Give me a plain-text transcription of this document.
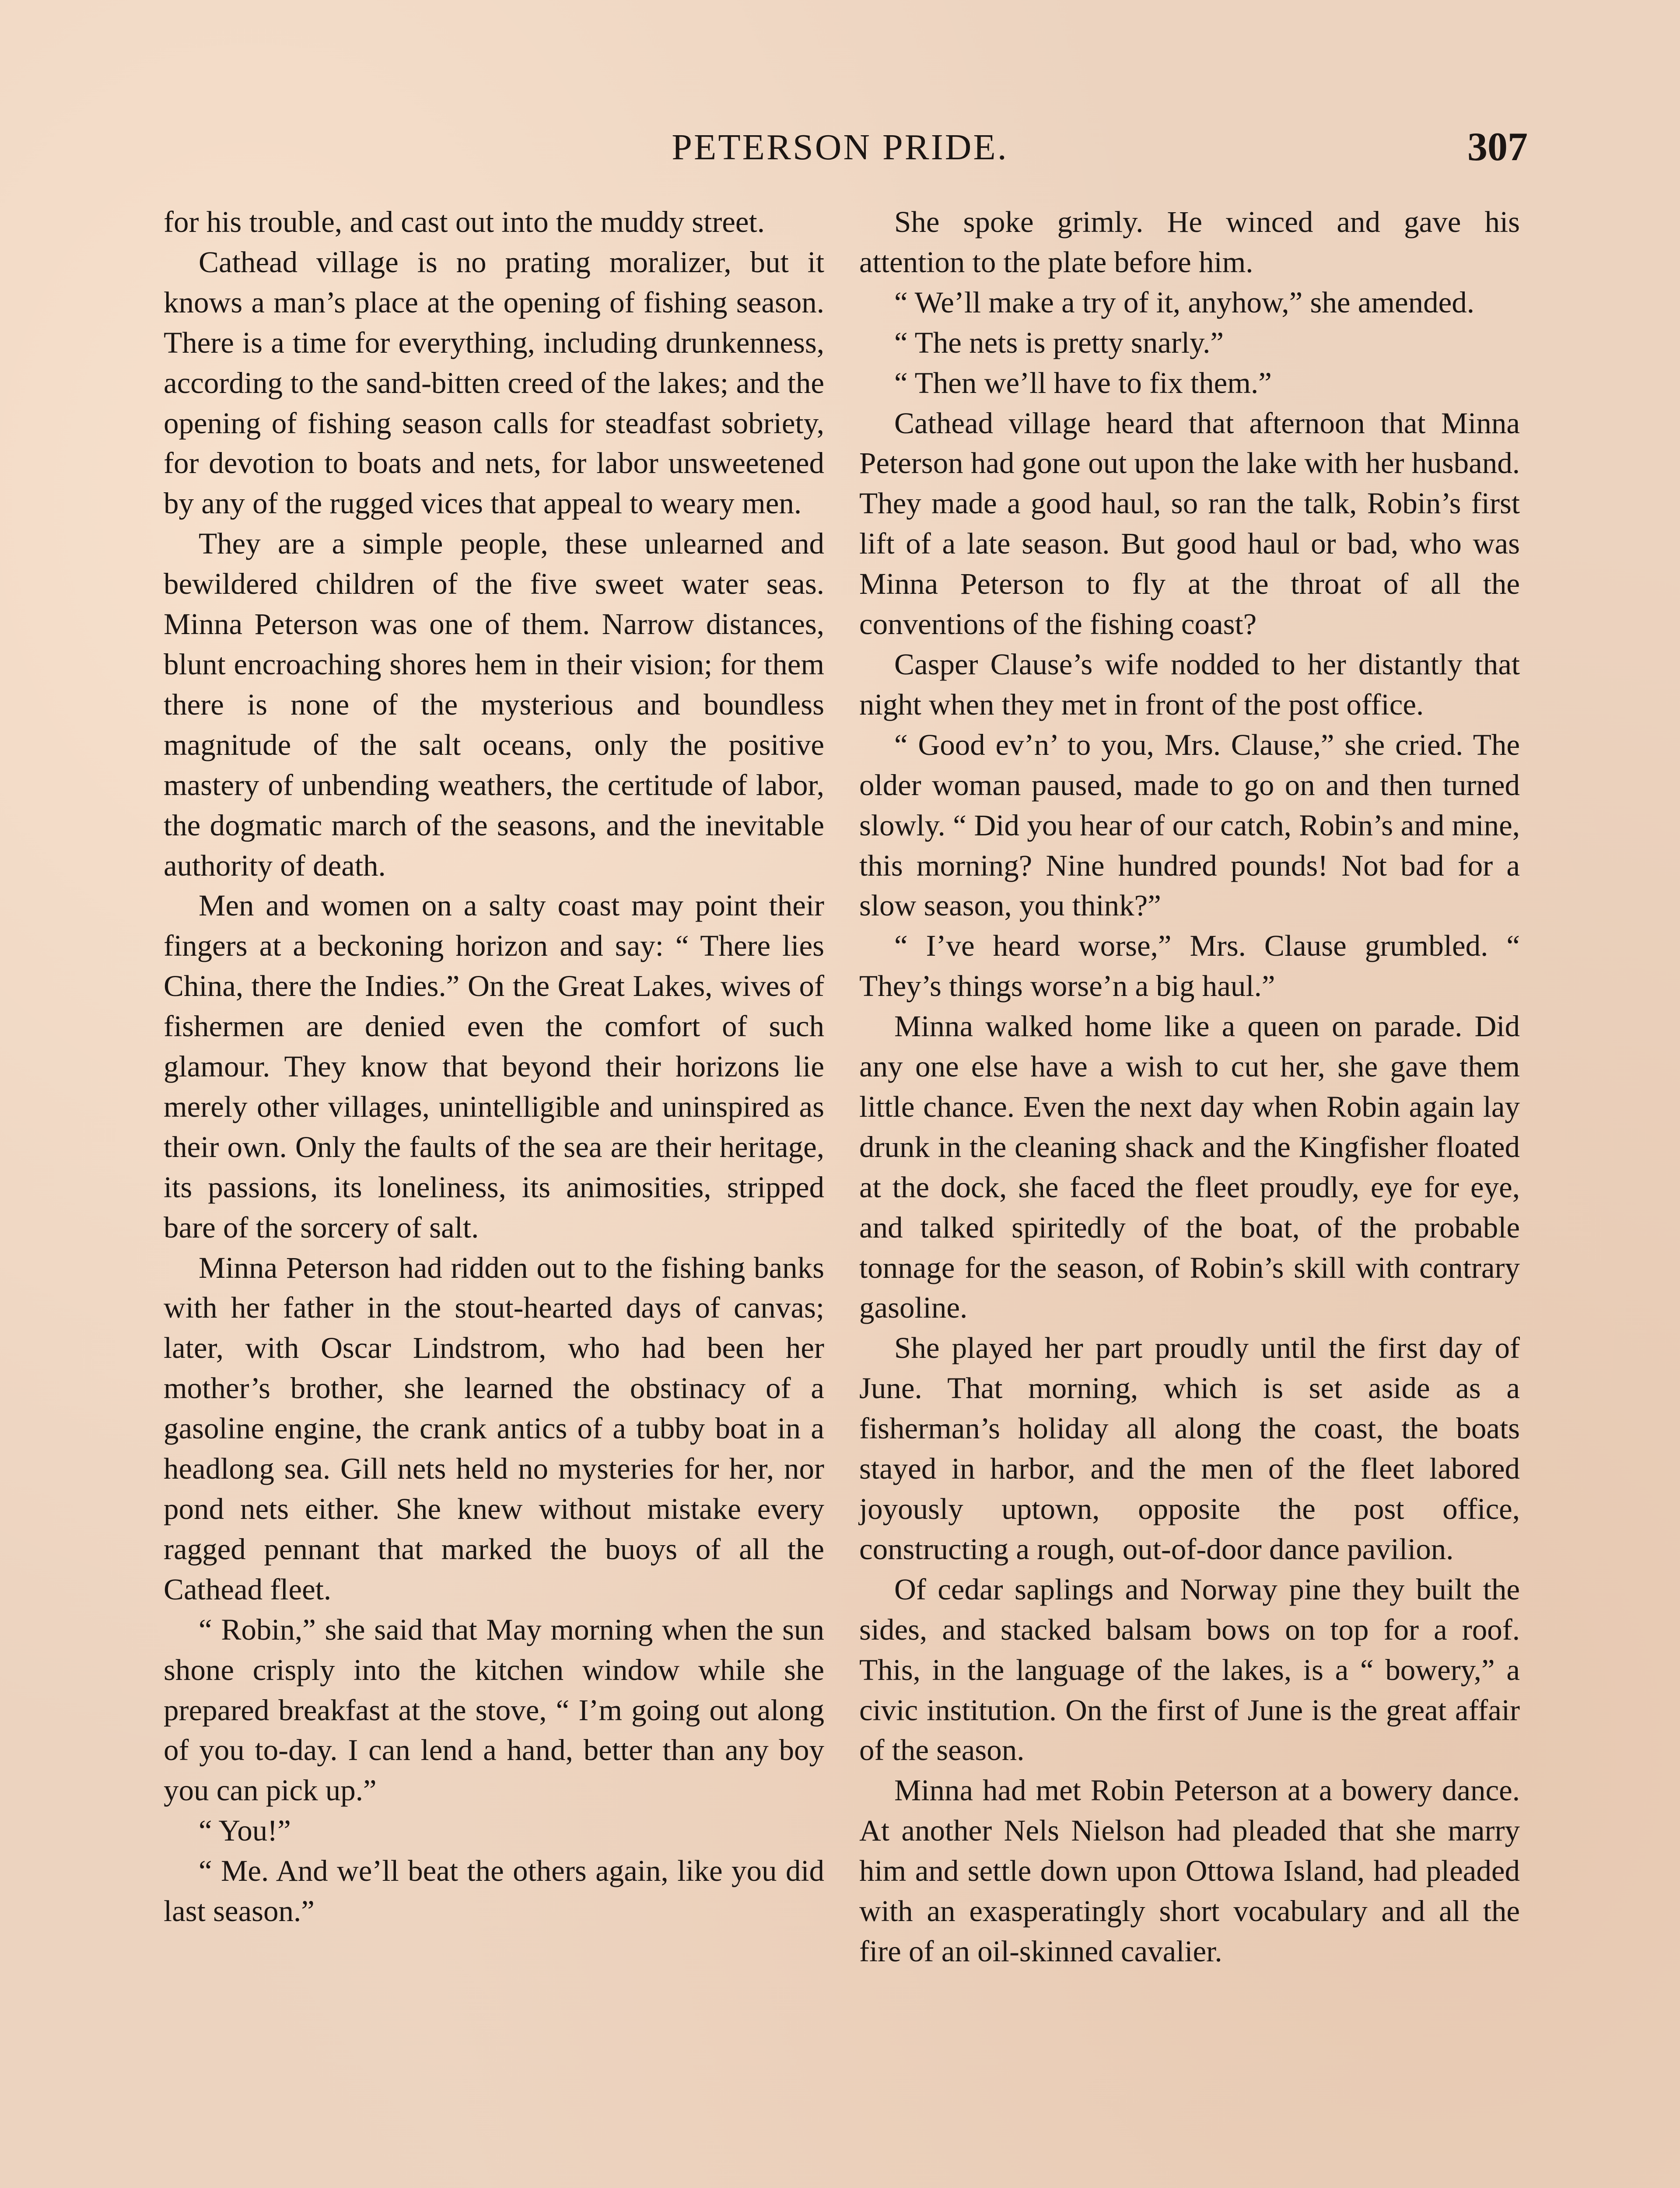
PETERSON PRIDE.	307

for his trouble, and cast out into the muddy street.

Cathead village is no prating moralizer, but it knows a man’s place at the opening of fishing season. There is a time for everything, including drunkenness, according to the sand-bitten creed of the lakes; and the opening of fishing season calls for steadfast sobriety, for devotion to boats and nets, for labor unsweetened by any of the rugged vices that appeal to weary men.

They are a simple people, these unlearned and bewildered children of the five sweet water seas. Minna Peterson was one of them. Narrow distances, blunt encroaching shores hem in their vision; for them there is none of the mysterious and boundless magnitude of the salt oceans, only the positive mastery of unbending weathers, the certitude of labor, the dogmatic march of the seasons, and the inevitable authority of death.

Men and women on a salty coast may point their fingers at a beckoning horizon and say: “ There lies China, there the Indies.” On the Great Lakes, wives of fishermen are denied even the comfort of such glamour. They know that beyond their horizons lie merely other villages, unintelligible and uninspired as their own. Only the faults of the sea are their heritage, its passions, its loneliness, its animosities, stripped bare of the sorcery of salt.

Minna Peterson had ridden out to the fishing banks with her father in the stout-hearted days of canvas; later, with Oscar Lindstrom, who had been her mother’s brother, she learned the obstinacy of a gasoline engine, the crank antics of a tubby boat in a headlong sea. Gill nets held no mysteries for her, nor pond nets either. She knew without mistake every ragged pennant that marked the buoys of all the Cathead fleet.

“ Robin,” she said that May morning when the sun shone crisply into the kitchen window while she prepared breakfast at the stove, “ I’m going out along of you to-day. I can lend a hand, better than any boy you can pick up.”

“ You!”

“ Me. And we’ll beat the others again, like you did last season.”

She spoke grimly. He winced and gave his attention to the plate before him.

“ We’ll make a try of it, anyhow,” she amended.

“ The nets is pretty snarly.”

“ Then we’ll have to fix them.”

Cathead village heard that afternoon that Minna Peterson had gone out upon the lake with her husband. They made a good haul, so ran the talk, Robin’s first lift of a late season. But good haul or bad, who was Minna Peterson to fly at the throat of all the conventions of the fishing coast?

Casper Clause’s wife nodded to her distantly that night when they met in front of the post office.

“ Good ev’n’ to you, Mrs. Clause,” she cried. The older woman paused, made to go on and then turned slowly. “ Did you hear of our catch, Robin’s and mine, this morning? Nine hundred pounds! Not bad for a slow season, you think?”

“ I’ve heard worse,” Mrs. Clause grumbled. “ They’s things worse’n a big haul.”

Minna walked home like a queen on parade. Did any one else have a wish to cut her, she gave them little chance. Even the next day when Robin again lay drunk in the cleaning shack and the Kingfisher floated at the dock, she faced the fleet proudly, eye for eye, and talked spiritedly of the boat, of the probable tonnage for the season, of Robin’s skill with contrary gasoline.

She played her part proudly until the first day of June. That morning, which is set aside as a fisherman’s holiday all along the coast, the boats stayed in harbor, and the men of the fleet labored joyously uptown, opposite the post office, constructing a rough, out-of-door dance pavilion.

Of cedar saplings and Norway pine they built the sides, and stacked balsam bows on top for a roof. This, in the language of the lakes, is a “ bowery,” a civic institution. On the first of June is the great affair of the season.

Minna had met Robin Peterson at a bowery dance. At another Nels Nielson had pleaded that she marry him and settle down upon Ottowa Island, had pleaded with an exasperatingly short vocabulary and all the fire of an oil-skinned cavalier.
